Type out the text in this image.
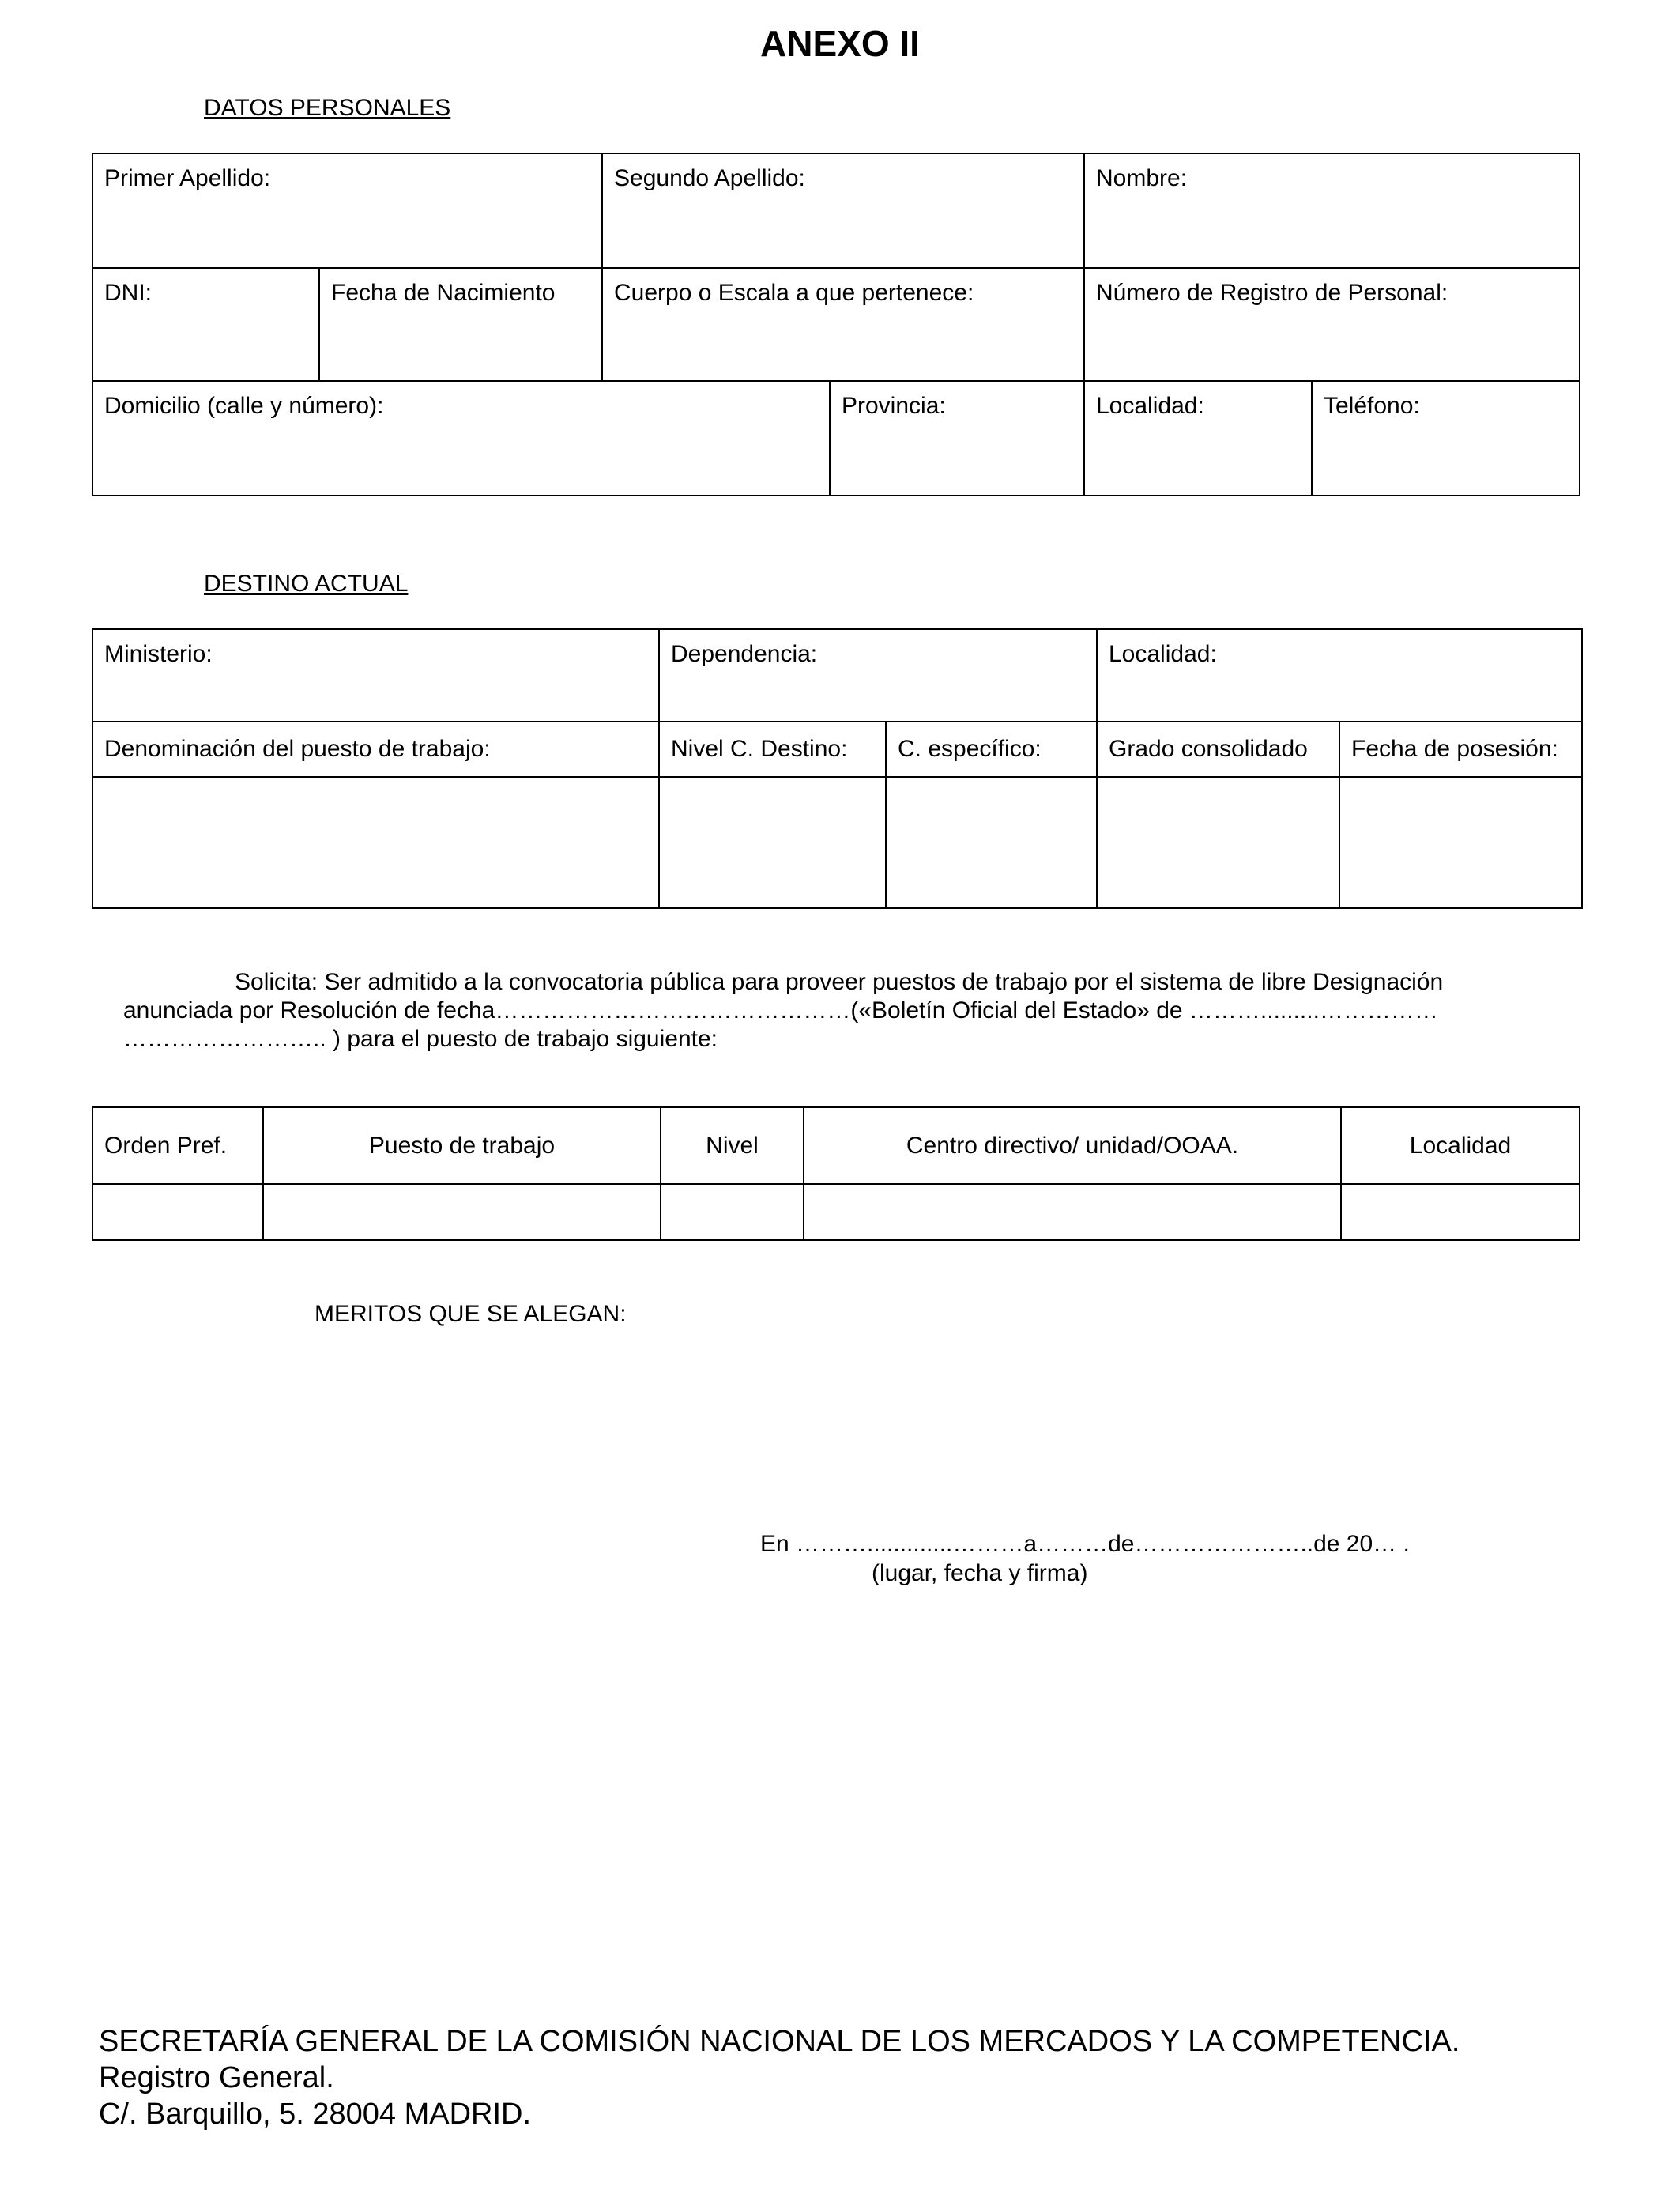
ANEXO II
DATOS PERSONALES
Primer Apellido:		Segundo Apellido:		Nombre:	

DNI:	Fecha de Nacimiento	Cuerpo o Escala a que pertenece:		Número de Registro de Personal:	

Domicilio (calle y número):			Provincia:	Localidad:	Teléfono:
DESTINO ACTUAL
Ministerio:	Dependencia:		Localidad:	

Denominación del puesto de trabajo:	Nivel C. Destino:	C. específico:	Grado consolidado	Fecha de posesión:

Solicita: Ser admitido a la convocatoria pública para proveer puestos de trabajo por el sistema de libre Designación
anunciada por Resolución de fecha………………………………………(«Boletín Oficial del Estado» de ……….........……………
…………………….. ) para el puesto de trabajo siguiente:
Orden Pref.	Puesto de trabajo	Nivel	Centro directivo/ unidad/OOAA.	Localidad

MERITOS QUE SE ALEGAN:
En ……….............………a………de…………………..de 20… .
(lugar, fecha y firma)
SECRETARÍA GENERAL DE LA COMISIÓN NACIONAL DE LOS MERCADOS Y LA COMPETENCIA.
Registro General.
C/. Barquillo, 5. 28004 MADRID.
